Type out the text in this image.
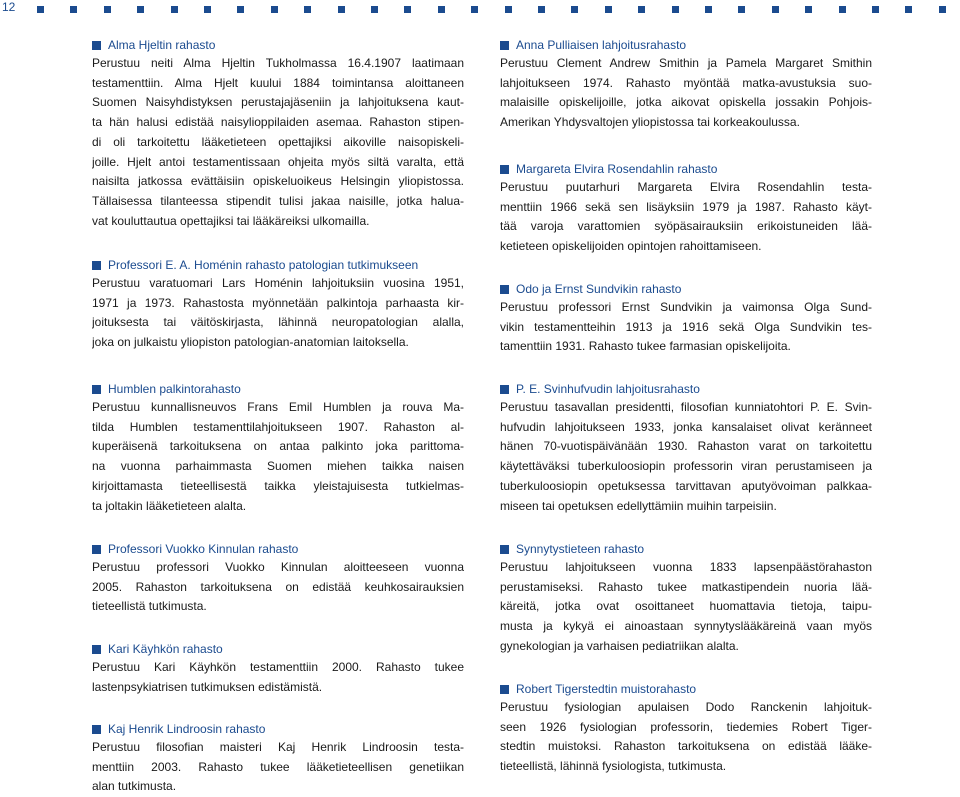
12
Alma Hjeltin rahasto
Perustuu neiti Alma Hjeltin Tukholmassa 16.4.1907 laatimaan
testamenttiin. Alma Hjelt kuului 1884 toimintansa aloittaneen
Suomen Naisyhdistyksen perustajajäseniin ja lahjoituksena kaut-
ta hän halusi edistää naisylioppilaiden asemaa. Rahaston stipen-
di oli tarkoitettu lääketieteen opettajiksi aikoville naisopiskeli-
joille. Hjelt antoi testamentissaan ohjeita myös siltä varalta, että
naisilta jatkossa evättäisiin opiskeluoikeus Helsingin yliopistossa.
Tällaisessa tilanteessa stipendit tulisi jakaa naisille, jotka halua-
vat kouluttautua opettajiksi tai lääkäreiksi ulkomailla.
Professori E. A. Homénin rahasto patologian tutkimukseen
Perustuu varatuomari Lars Homénin lahjoituksiin vuosina 1951,
1971 ja 1973. Rahastosta myönnetään palkintoja parhaasta kir-
joituksesta tai väitöskirjasta, lähinnä neuropatologian alalla,
joka on julkaistu yliopiston patologian-anatomian laitoksella.
Humblen palkintorahasto
Perustuu kunnallisneuvos Frans Emil Humblen ja rouva Ma-
tilda Humblen testamenttilahjoitukseen 1907. Rahaston al-
kuperäisenä tarkoituksena on antaa palkinto joka parittoma-
na vuonna parhaimmasta Suomen miehen taikka naisen
kirjoittamasta tieteellisestä taikka yleistajuisesta tutkielmas-
ta joltakin lääketieteen alalta.
Professori Vuokko Kinnulan rahasto
Perustuu professori Vuokko Kinnulan aloitteeseen vuonna
2005. Rahaston tarkoituksena on edistää keuhkosairauksien
tieteellistä tutkimusta.
Kari Käyhkön rahasto
Perustuu Kari Käyhkön testamenttiin 2000. Rahasto tukee
lastenpsykiatrisen tutkimuksen edistämistä.
Kaj Henrik Lindroosin rahasto
Perustuu filosofian maisteri Kaj Henrik Lindroosin testa-
menttiin 2003. Rahasto tukee lääketieteellisen genetiikan
alan tutkimusta.
Anna Pulliaisen lahjoitusrahasto
Perustuu Clement Andrew Smithin ja Pamela Margaret Smithin
lahjoitukseen 1974. Rahasto myöntää matka-avustuksia suo-
malaisille opiskelijoille, jotka aikovat opiskella jossakin Pohjois-
Amerikan Yhdysvaltojen yliopistossa tai korkeakoulussa.
Margareta Elvira Rosendahlin rahasto
Perustuu puutarhuri Margareta Elvira Rosendahlin testa-
menttiin 1966 sekä sen lisäyksiin 1979 ja 1987. Rahasto käyt-
tää varoja varattomien syöpäsairauksiin erikoistuneiden lää-
ketieteen opiskelijoiden opintojen rahoittamiseen.
Odo ja Ernst Sundvikin rahasto
Perustuu professori Ernst Sundvikin ja vaimonsa Olga Sund-
vikin testamentteihin 1913 ja 1916 sekä Olga Sundvikin tes-
tamenttiin 1931. Rahasto tukee farmasian opiskelijoita.
P. E. Svinhufvudin lahjoitusrahasto
Perustuu tasavallan presidentti, filosofian kunniatohtori P. E. Svin-
hufvudin lahjoitukseen 1933, jonka kansalaiset olivat keränneet
hänen 70-vuotispäivänään 1930. Rahaston varat on tarkoitettu
käytettäväksi tuberkuloosiopin professorin viran perustamiseen ja
tuberkuloosiopin opetuksessa tarvittavan aputyövoiman palkkaa-
miseen tai opetuksen edellyttämiin muihin tarpeisiin.
Synnytystieteen rahasto
Perustuu lahjoitukseen vuonna 1833 lapsenpäästörahaston
perustamiseksi. Rahasto tukee matkastipendein nuoria lää-
käreitä, jotka ovat osoittaneet huomattavia tietoja, taipu-
musta ja kykyä ei ainoastaan synnytyslääkäreinä vaan myös
gynekologian ja varhaisen pediatriikan alalta.
Robert Tigerstedtin muistorahasto
Perustuu fysiologian apulaisen Dodo Ranckenin lahjoituk-
seen 1926 fysiologian professorin, tiedemies Robert Tiger-
stedtin muistoksi. Rahaston tarkoituksena on edistää lääke-
tieteellistä, lähinnä fysiologista, tutkimusta.
